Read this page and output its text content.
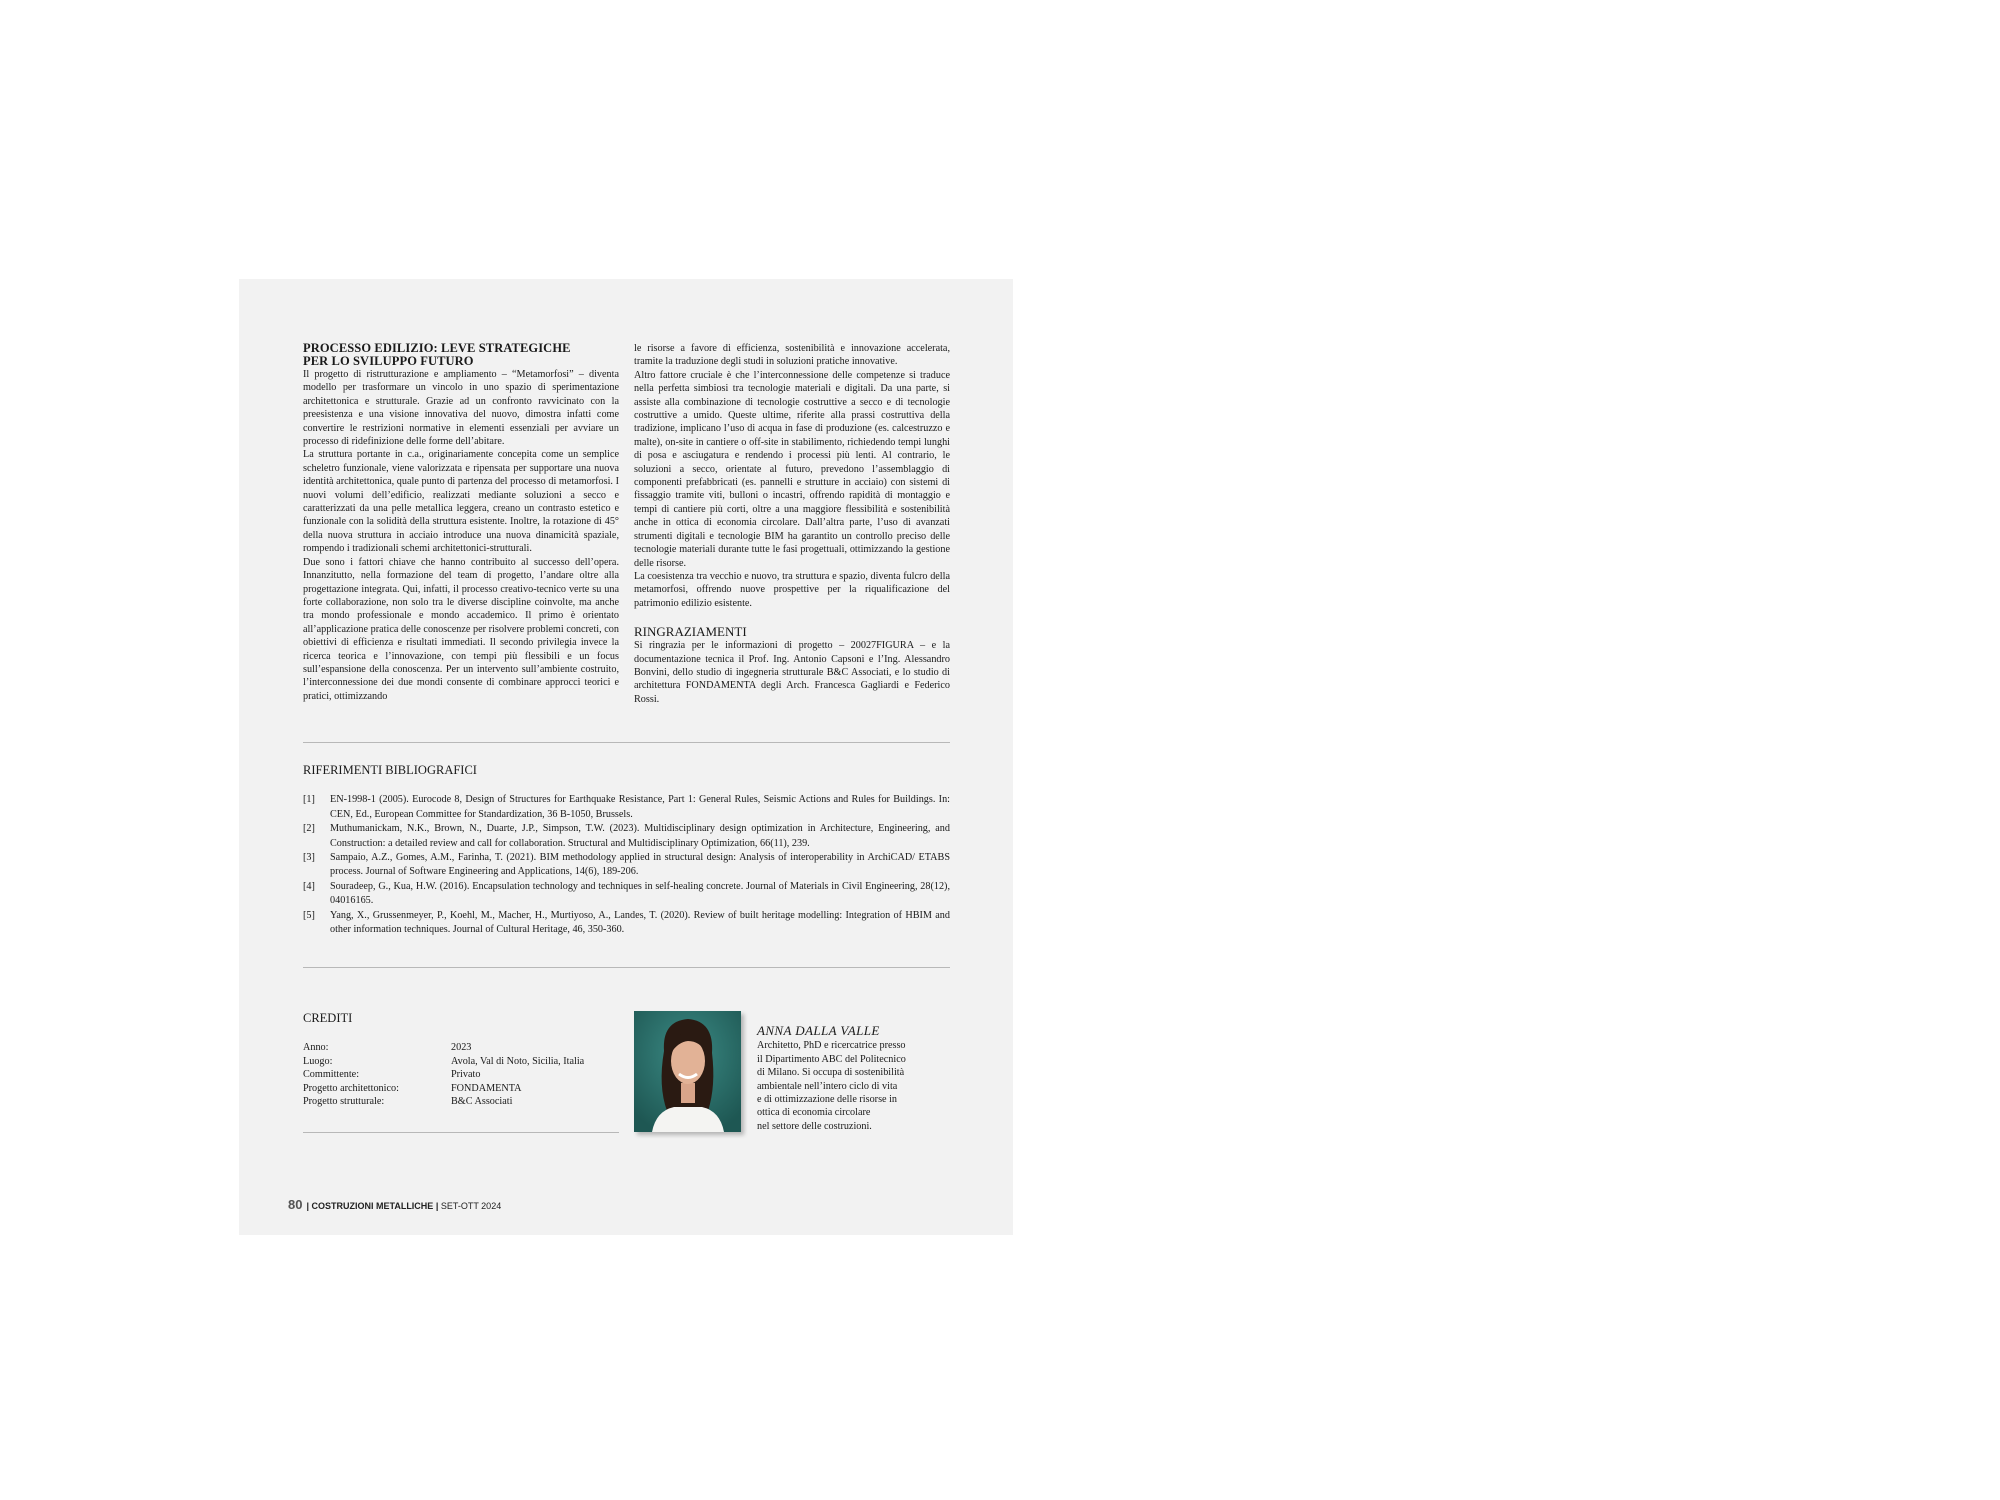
PROCESSO EDILIZIO: LEVE STRATEGICHE

PER LO SVILUPPO FUTURO

Il progetto di ristrutturazione e ampliamento – “Metamorfosi” – diventa modello per trasformare un vincolo in uno spazio di sperimentazione architettonica e strutturale. Grazie ad un confronto ravvicinato con la preesistenza e una visione innovativa del nuovo, dimostra infatti come convertire le restrizioni normative in elementi essenziali per avviare un processo di ridefinizione delle forme dell’abitare.

La struttura portante in c.a., originariamente concepita come un semplice scheletro funzionale, viene valorizzata e ripensata per supportare una nuova identità architettonica, quale punto di partenza del processo di metamorfosi. I nuovi volumi dell’edificio, realizzati mediante soluzioni a secco e caratterizzati da una pelle metallica leggera, creano un contrasto estetico e funzionale con la solidità della struttura esistente. Inoltre, la rotazione di 45° della nuova struttura in acciaio introduce una nuova dinamicità spaziale, rompendo i tradizionali schemi architettonici-strutturali.

Due sono i fattori chiave che hanno contribuito al successo dell’opera. Innanzitutto, nella formazione del team di progetto, l’andare oltre alla progettazione integrata. Qui, infatti, il processo creativo-tecnico verte su una forte collaborazione, non solo tra le diverse discipline coinvolte, ma anche tra mondo professionale e mondo accademico. Il primo è orientato all’applicazione pratica delle conoscenze per risolvere problemi concreti, con obiettivi di efficienza e risultati immediati. Il secondo privilegia invece la ricerca teorica e l’innovazione, con tempi più flessibili e un focus sull’espansione della conoscenza. Per un intervento sull’ambiente costruito, l’interconnessione dei due mondi consente di combinare approcci teorici e pratici, ottimizzando

le risorse a favore di efficienza, sostenibilità e innovazione accelerata, tramite la traduzione degli studi in soluzioni pratiche innovative.

Altro fattore cruciale è che l’interconnessione delle competenze si traduce nella perfetta simbiosi tra tecnologie materiali e digitali. Da una parte, si assiste alla combinazione di tecnologie costruttive a secco e di tecnologie costruttive a umido. Queste ultime, riferite alla prassi costruttiva della tradizione, implicano l’uso di acqua in fase di produzione (es. calcestruzzo e malte), on-site in cantiere o off-site in stabilimento, richiedendo tempi lunghi di posa e asciugatura e rendendo i processi più lenti. Al contrario, le soluzioni a secco, orientate al futuro, prevedono l’assemblaggio di componenti prefabbricati (es. pannelli e strutture in acciaio) con sistemi di fissaggio tramite viti, bulloni o incastri, offrendo rapidità di montaggio e tempi di cantiere più corti, oltre a una maggiore flessibilità e sostenibilità anche in ottica di economia circolare. Dall’altra parte, l’uso di avanzati strumenti digitali e tecnologie BIM ha garantito un controllo preciso delle tecnologie materiali durante tutte le fasi progettuali, ottimizzando la gestione delle risorse.

La coesistenza tra vecchio e nuovo, tra struttura e spazio, diventa fulcro della metamorfosi, offrendo nuove prospettive per la riqualificazione del patrimonio edilizio esistente.

RINGRAZIAMENTI

Si ringrazia per le informazioni di progetto – 20027FIGURA – e la documentazione tecnica il Prof. Ing. Antonio Capsoni e l’Ing. Alessandro Bonvini, dello studio di ingegneria strutturale B&C Associati, e lo studio di architettura FONDAMENTA degli Arch. Francesca Gagliardi e Federico Rossi.

RIFERIMENTI BIBLIOGRAFICI

[1]	EN-1998-1 (2005). Eurocode 8, Design of Structures for Earthquake Resistance, Part 1: General Rules, Seismic Actions and Rules for Buildings. In: CEN, Ed., European Committee for Standardization, 36 B-1050, Brussels.
[2]	Muthumanickam, N.K., Brown, N., Duarte, J.P., Simpson, T.W. (2023). Multidisciplinary design optimization in Architecture, Engineering, and Construction: a detailed review and call for collaboration. Structural and Multidisciplinary Optimization, 66(11), 239.
[3]	Sampaio, A.Z., Gomes, A.M., Farinha, T. (2021). BIM methodology applied in structural design: Analysis of interoperability in ArchiCAD/ ETABS process. Journal of Software Engineering and Applications, 14(6), 189-206.
[4]	Souradeep, G., Kua, H.W. (2016). Encapsulation technology and techniques in self-healing concrete. Journal of Materials in Civil Engineering, 28(12), 04016165.
[5]	Yang, X., Grussenmeyer, P., Koehl, M., Macher, H., Murtiyoso, A., Landes, T. (2020). Review of built heritage modelling: Integration of HBIM and other information techniques. Journal of Cultural Heritage, 46, 350-360.

CREDITI

Anno:	2023
Luogo:	Avola, Val di Noto, Sicilia, Italia
Committente:	Privato
Progetto architettonico:	FONDAMENTA
Progetto strutturale:	B&C Associati

ANNA DALLA VALLE

Architetto, PhD e ricercatrice presso
il Dipartimento ABC del Politecnico
di Milano. Si occupa di sostenibilità
ambientale nell’intero ciclo di vita
e di ottimizzazione delle risorse in
ottica di economia circolare
nel settore delle costruzioni.
80 | COSTRUZIONI METALLICHE | SET-OTT 2024
